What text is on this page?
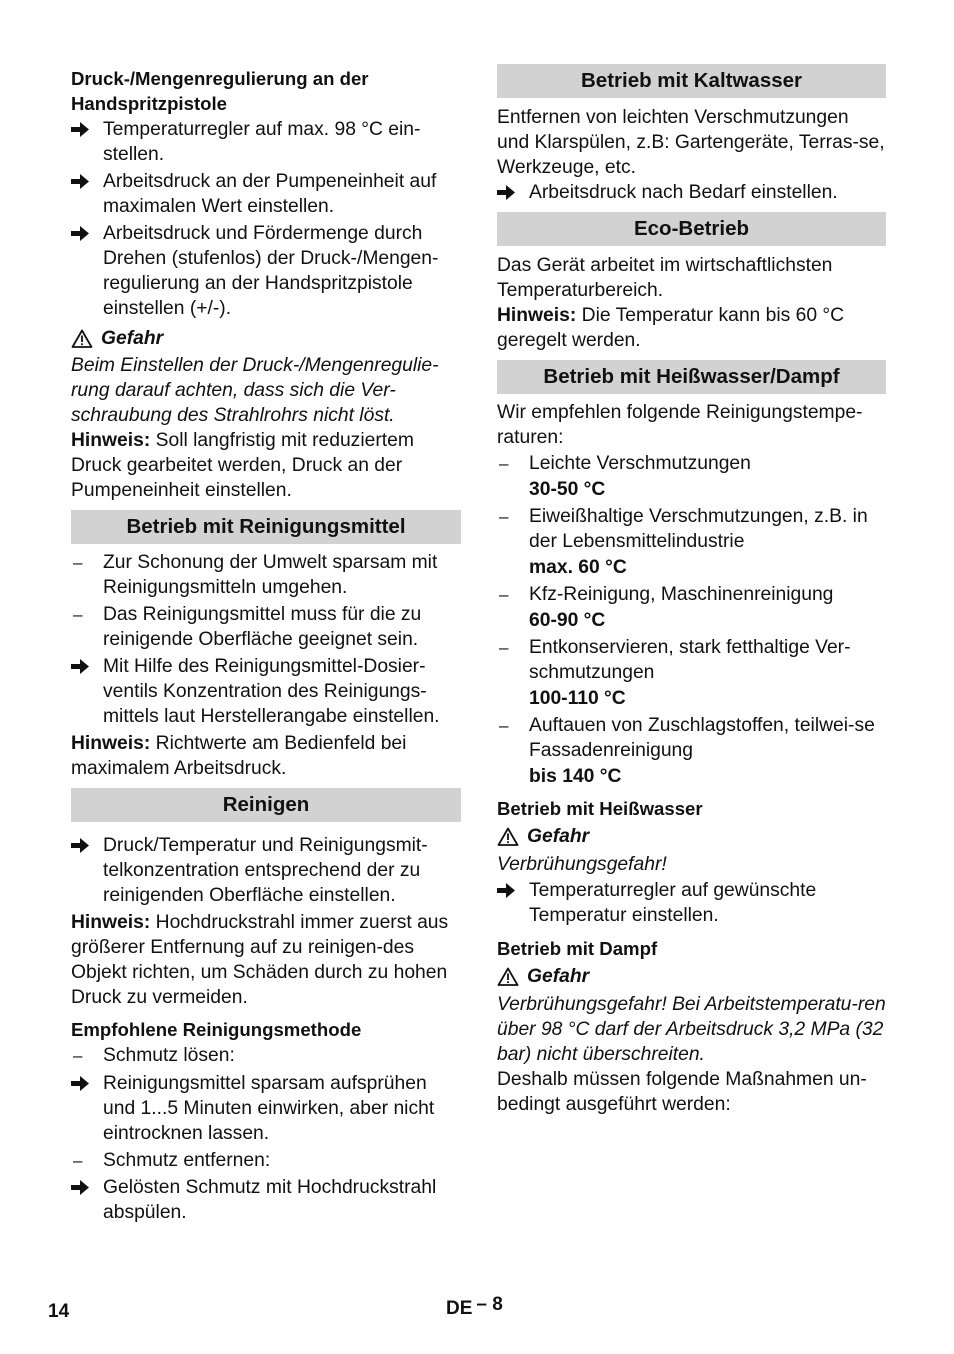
Druck-/Mengenregulierung an der Handspritzpistole

Temperaturregler auf max. 98 °C ein-stellen.
Arbeitsdruck an der Pumpeneinheit auf maximalen Wert einstellen.
Arbeitsdruck und Fördermenge durch Drehen (stufenlos) der Druck-/Mengen-regulierung an der Handspritzpistole einstellen (+/-).
Gefahr

Beim Einstellen der Druck-/Mengenregulie-rung darauf achten, dass sich die Ver-schraubung des Strahlrohrs nicht löst.

Hinweis: Soll langfristig mit reduziertem Druck gearbeitet werden, Druck an der Pumpeneinheit einstellen.

Betrieb mit Reinigungsmittel
–	Zur Schonung der Umwelt sparsam mit Reinigungsmitteln umgehen.
–	Das Reinigungsmittel muss für die zu reinigende Oberfläche geeignet sein.
Mit Hilfe des Reinigungsmittel-Dosier-ventils Konzentration des Reinigungs-mittels laut Herstellerangabe einstellen.

Hinweis: Richtwerte am Bedienfeld bei maximalem Arbeitsdruck.

Reinigen
Druck/Temperatur und Reinigungsmit-telkonzentration entsprechend der zu reinigenden Oberfläche einstellen.

Hinweis: Hochdruckstrahl immer zuerst aus größerer Entfernung auf zu reinigen-des Objekt richten, um Schäden durch zu hohen Druck zu vermeiden.

Empfohlene Reinigungsmethode

–	Schmutz lösen:
Reinigungsmittel sparsam aufsprühen und 1...5 Minuten einwirken, aber nicht eintrocknen lassen.
–	Schmutz entfernen:
Gelösten Schmutz mit Hochdruckstrahl abspülen.
Betrieb mit Kaltwasser

Entfernen von leichten Verschmutzungen und Klarspülen, z.B: Gartengeräte, Terras-se, Werkzeuge, etc.

Arbeitsdruck nach Bedarf einstellen.
Eco-Betrieb

Das Gerät arbeitet im wirtschaftlichsten Temperaturbereich.

Hinweis: Die Temperatur kann bis 60 °C geregelt werden.

Betrieb mit Heißwasser/Dampf

Wir empfehlen folgende Reinigungstempe-raturen:

–	Leichte Verschmutzungen

30-50 °C

–	Eiweißhaltige Verschmutzungen, z.B. in der Lebensmittelindustrie

max. 60 °C

–	Kfz-Reinigung, Maschinenreinigung

60-90 °C

–	Entkonservieren, stark fetthaltige Ver-schmutzungen

100-110 °C

–	Auftauen von Zuschlagstoffen, teilwei-se Fassadenreinigung

bis 140 °C

Betrieb mit Heißwasser

Gefahr

Verbrühungsgefahr!

Temperaturregler auf gewünschte Temperatur einstellen.

Betrieb mit Dampf

Gefahr

Verbrühungsgefahr! Bei Arbeitstemperatu-ren über 98 °C darf der Arbeitsdruck 3,2 MPa (32 bar) nicht überschreiten.

Deshalb müssen folgende Maßnahmen un-bedingt ausgeführt werden:

14	DE – 8
